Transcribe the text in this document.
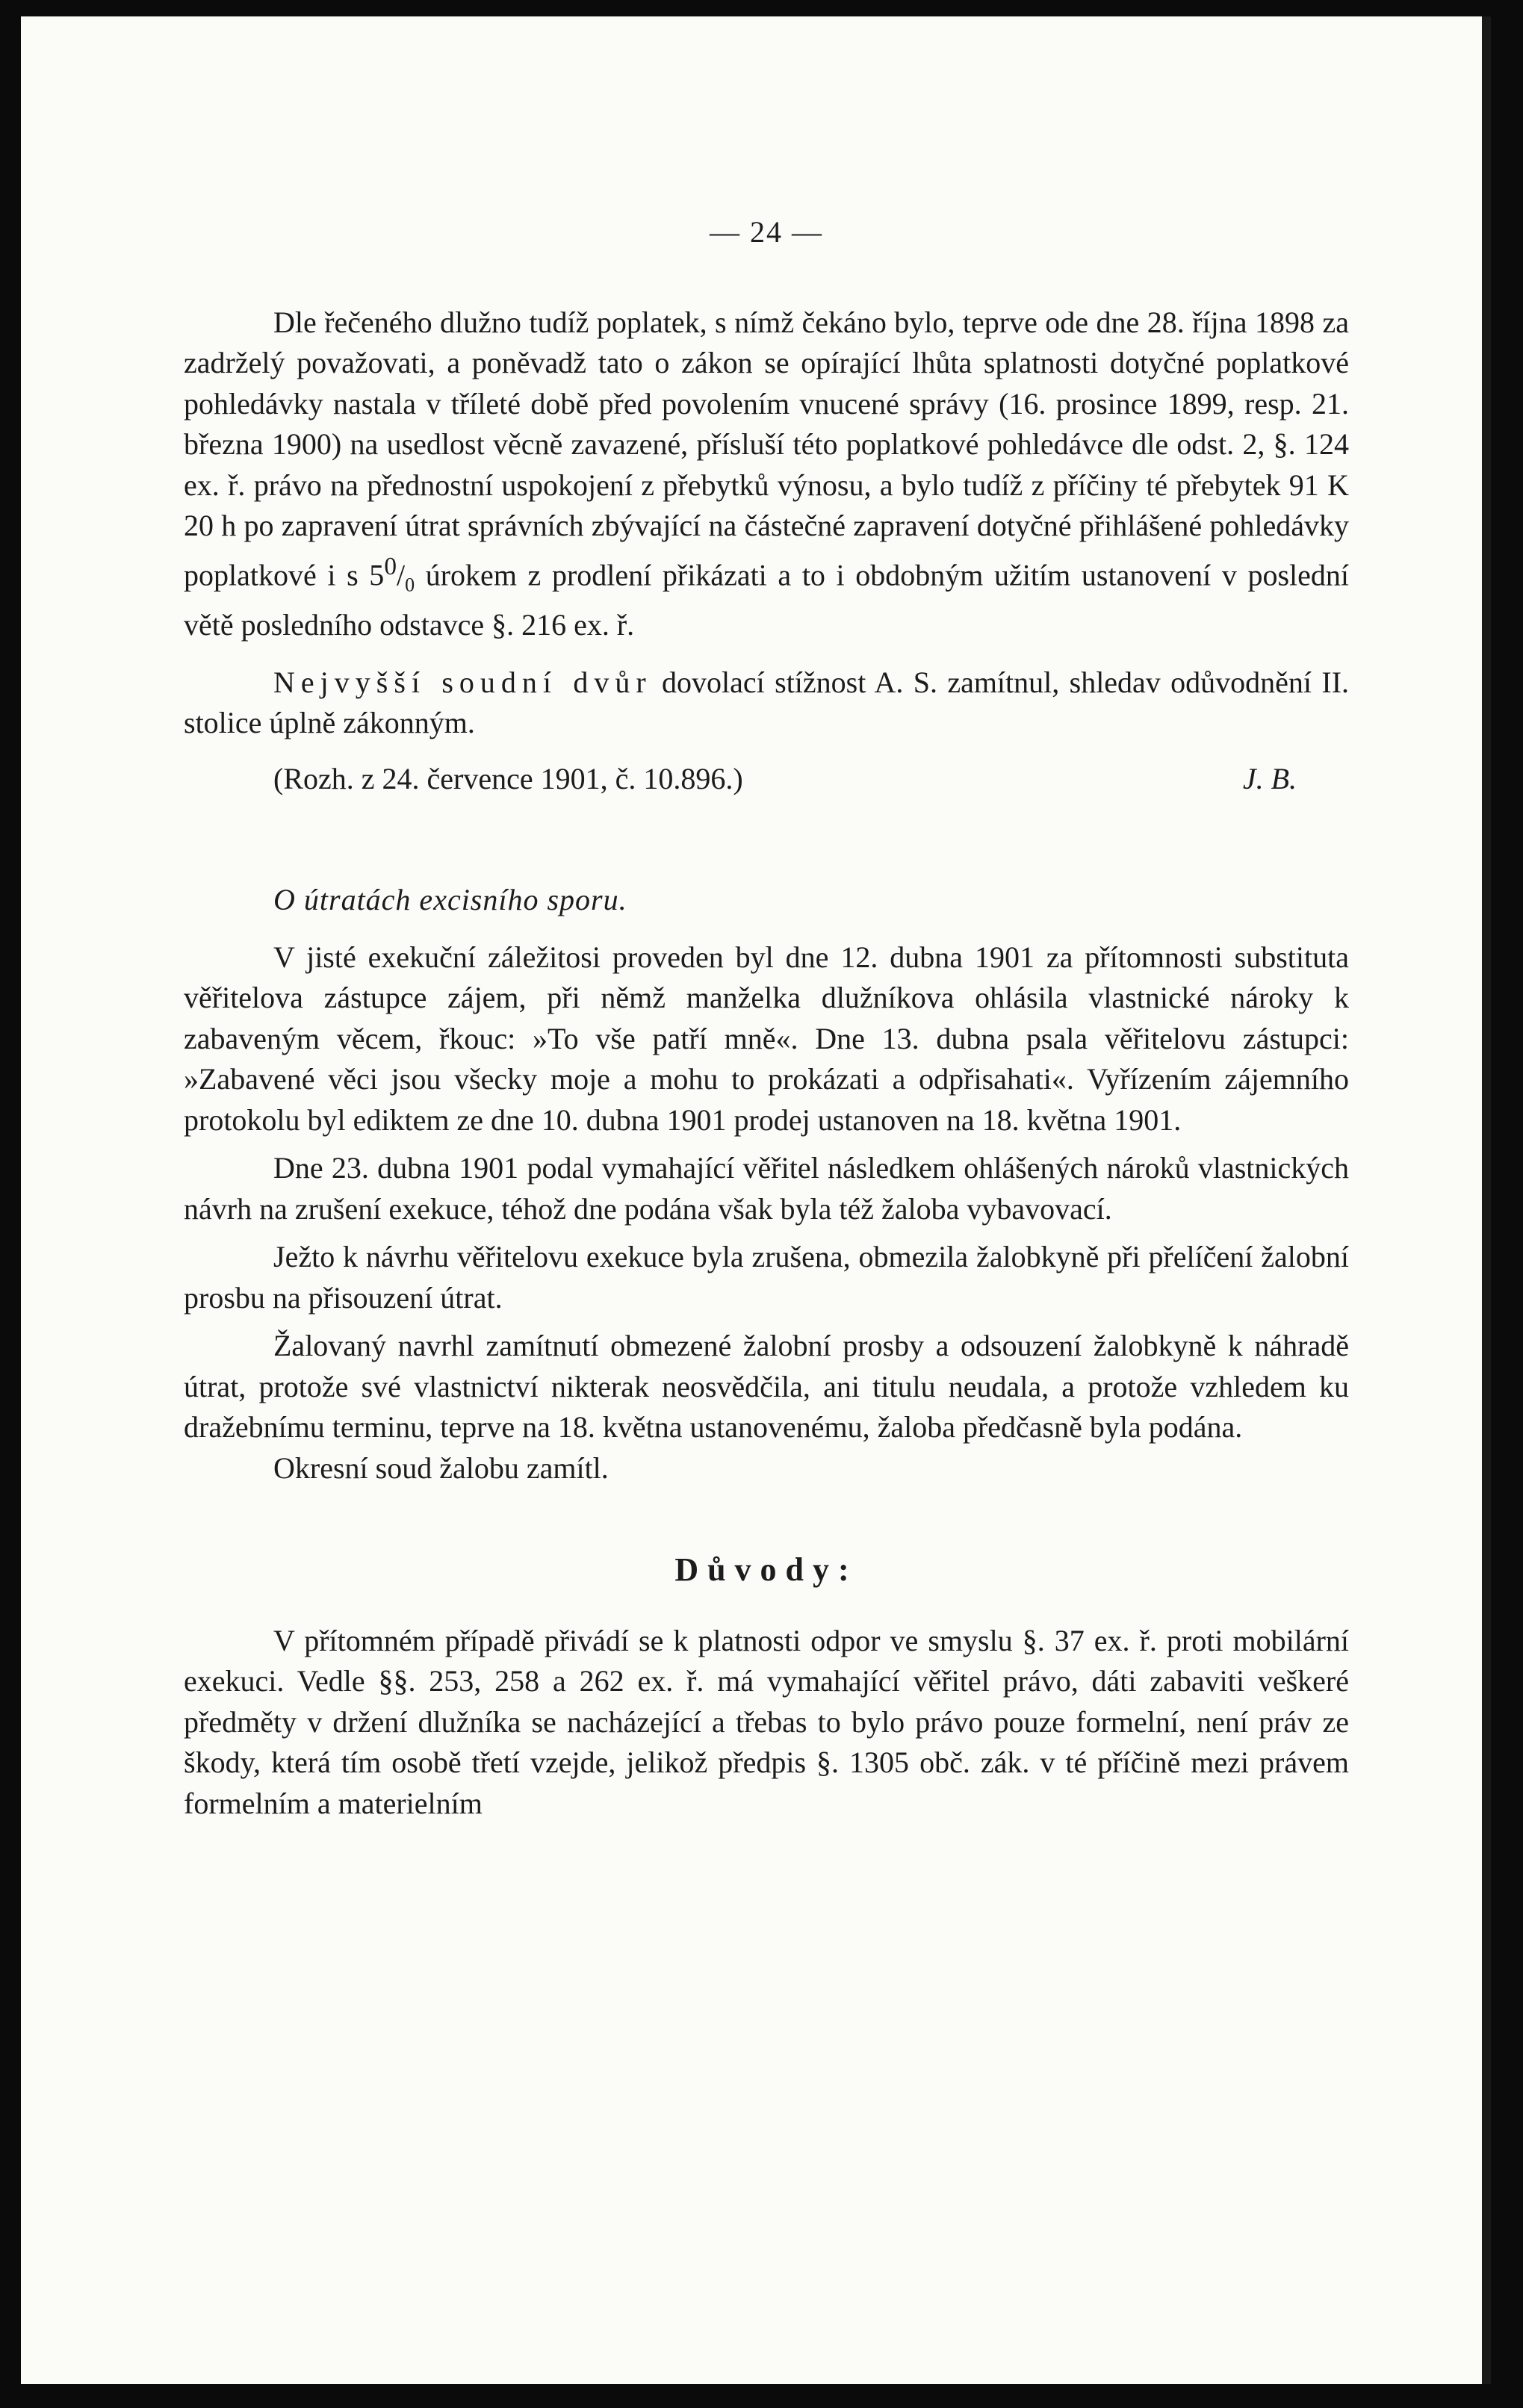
— 24 —

Dle řečeného dlužno tudíž poplatek, s nímž čekáno bylo, teprve ode dne 28. října 1898 za zadrželý považovati, a poněvadž tato o zákon se opírající lhůta splatnosti dotyčné poplatkové pohledávky nastala v tříleté době před povolením vnucené správy (16. prosince 1899, resp. 21. března 1900) na usedlost věcně zavazené, přísluší této poplatkové pohledávce dle odst. 2, §. 124 ex. ř. právo na přednostní uspokojení z přebytků výnosu, a bylo tudíž z příčiny té přebytek 91 K 20 h po zapravení útrat správních zbývající na částečné zapravení dotyčné přihlášené pohledávky poplatkové i s $5^0/_0$ úrokem z prodlení přikázati a to i obdobným užitím ustanovení v poslední větě posledního odstavce §. 216 ex. ř.

Nejvyšší soudní dvůr dovolací stížnost A. S. zamítnul, shledav odůvodnění II. stolice úplně zákonným.

(Rozh. z 24. července 1901, č. 10.896.)	J. B.
O útratách excisního sporu.

V jisté exekuční záležitosi proveden byl dne 12. dubna 1901 za přítomnosti substituta věřitelova zástupce zájem, při němž manželka dlužníkova ohlásila vlastnické nároky k zabaveným věcem, řkouc: »To vše patří mně«. Dne 13. dubna psala věřitelovu zástupci: »Zabavené věci jsou všecky moje a mohu to prokázati a odpřisahati«. Vyřízením zájemního protokolu byl ediktem ze dne 10. dubna 1901 prodej ustanoven na 18. května 1901.

Dne 23. dubna 1901 podal vymahající věřitel následkem ohlášených nároků vlastnických návrh na zrušení exekuce, téhož dne podána však byla též žaloba vybavovací.

Ježto k návrhu věřitelovu exekuce byla zrušena, obmezila žalobkyně při přelíčení žalobní prosbu na přisouzení útrat.

Žalovaný navrhl zamítnutí obmezené žalobní prosby a odsouzení žalobkyně k náhradě útrat, protože své vlastnictví nikterak neosvědčila, ani titulu neudala, a protože vzhledem ku dražebnímu terminu, teprve na 18. května ustanovenému, žaloba předčasně byla podána.

Okresní soud žalobu zamítl.

Důvody:

V přítomném případě přivádí se k platnosti odpor ve smyslu §. 37 ex. ř. proti mobilární exekuci. Vedle §§. 253, 258 a 262 ex. ř. má vymahající věřitel právo, dáti zabaviti veškeré předměty v držení dlužníka se nacházející a třebas to bylo právo pouze formelní, není práv ze škody, která tím osobě třetí vzejde, jelikož předpis §. 1305 obč. zák. v té příčině mezi právem formelním a materielním
